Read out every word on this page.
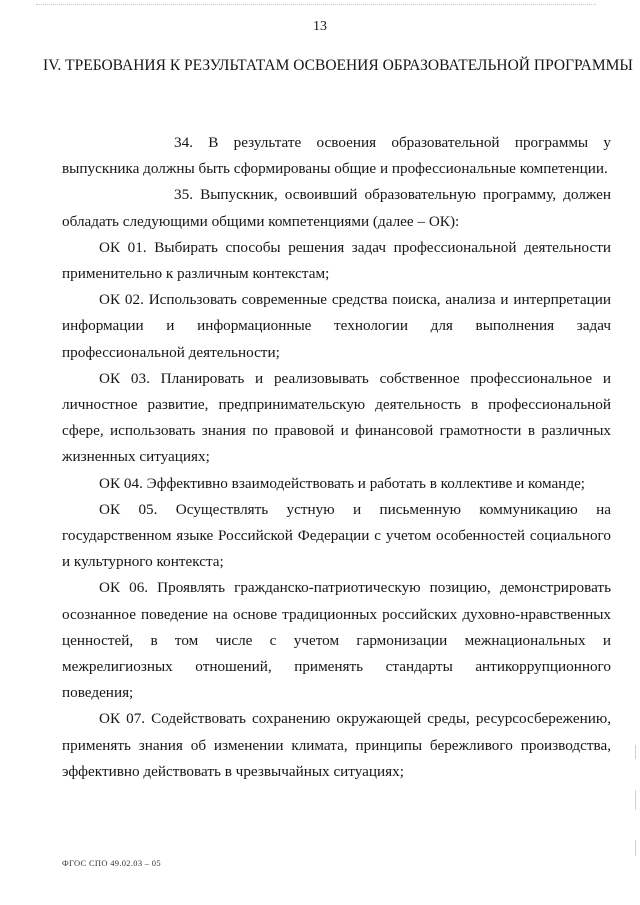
13
IV. ТРЕБОВАНИЯ К РЕЗУЛЬТАТАМ ОСВОЕНИЯ ОБРАЗОВАТЕЛЬНОЙ ПРОГРАММЫ

34. В результате освоения образовательной программы у выпускника должны быть сформированы общие и профессиональные компетенции.

35. Выпускник, освоивший образовательную программу, должен обладать следующими общими компетенциями (далее – ОК):

ОК 01. Выбирать способы решения задач профессиональной деятельности применительно к различным контекстам;

ОК 02. Использовать современные средства поиска, анализа и интерпретации информации и информационные технологии для выполнения задач профессиональной деятельности;

ОК 03. Планировать и реализовывать собственное профессиональное и личностное развитие, предпринимательскую деятельность в профессиональной сфере, использовать знания по правовой и финансовой грамотности в различных жизненных ситуациях;

ОК 04. Эффективно взаимодействовать и работать в коллективе и команде;

ОК 05. Осуществлять устную и письменную коммуникацию на государственном языке Российской Федерации с учетом особенностей социального и культурного контекста;

ОК 06. Проявлять гражданско-патриотическую позицию, демонстрировать осознанное поведение на основе традиционных российских духовно-нравственных ценностей, в том числе с учетом гармонизации межнациональных и межрелигиозных отношений, применять стандарты антикоррупционного поведения;

ОК 07. Содействовать сохранению окружающей среды, ресурсосбережению, применять знания об изменении климата, принципы бережливого производства, эффективно действовать в чрезвычайных ситуациях;

ФГОС СПО 49.02.03 – 05
